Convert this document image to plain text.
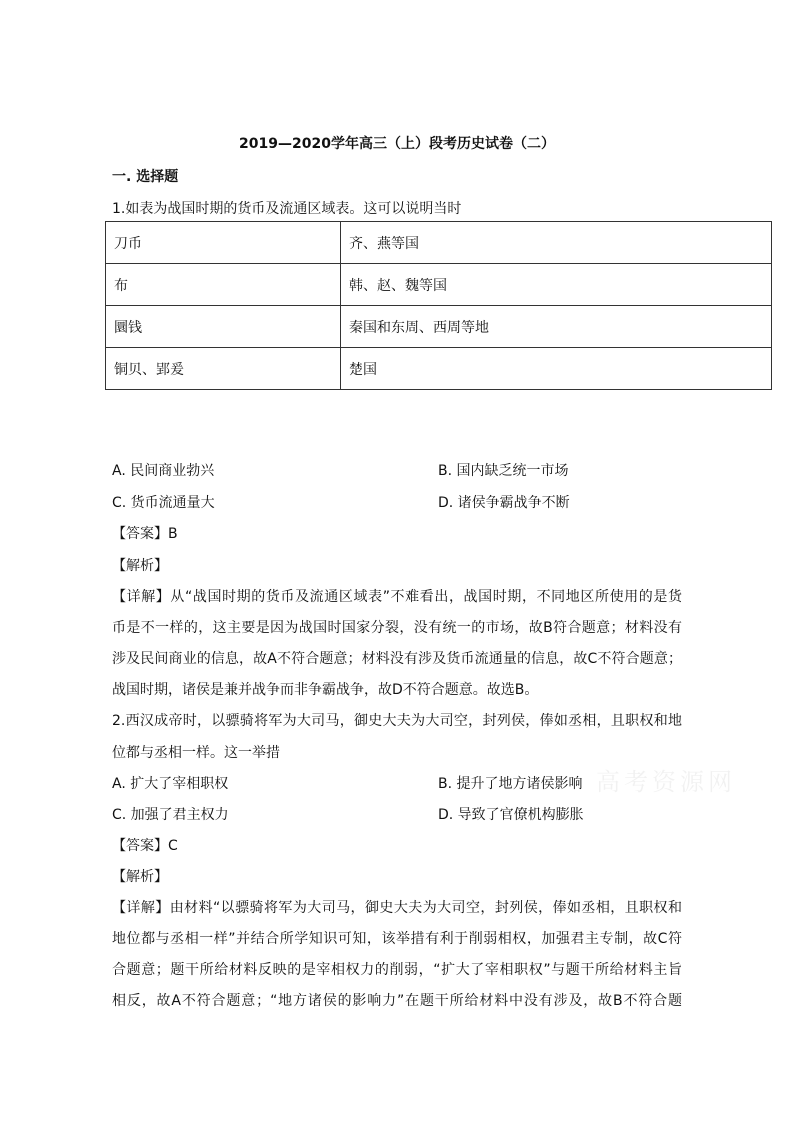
2019—2020学年高三（上）段考历史试卷（二）
一. 选择题
1.如表为战国时期的货币及流通区域表。这可以说明当时
刀币	齐、燕等国
布	韩、赵、魏等国
圜钱	秦国和东周、西周等地
铜贝、郢爰	楚国
A. 民间商业勃兴	B. 国内缺乏统一市场
C. 货币流通量大	D. 诸侯争霸战争不断
【答案】B
【解析】
【详解】从“战国时期的货币及流通区域表”不难看出，战国时期，不同地区所使用的是货
币是不一样的，这主要是因为战国时国家分裂，没有统一的市场，故B符合题意；材料没有
涉及民间商业的信息，故A不符合题意；材料没有涉及货币流通量的信息，故C不符合题意；
战国时期，诸侯是兼并战争而非争霸战争，故D不符合题意。故选B。
2.西汉成帝时，以骠骑将军为大司马，御史大夫为大司空，封列侯，俸如丞相，且职权和地
位都与丞相一样。这一举措
A. 扩大了宰相职权	B. 提升了地方诸侯影响
C. 加强了君主权力	D. 导致了官僚机构膨胀
【答案】C
【解析】
【详解】由材料“以骠骑将军为大司马，御史大夫为大司空，封列侯，俸如丞相，且职权和
地位都与丞相一样”并结合所学知识可知，该举措有利于削弱相权，加强君主专制，故C符
合题意；题干所给材料反映的是宰相权力的削弱，“扩大了宰相职权”与题干所给材料主旨
相反，故A不符合题意；“地方诸侯的影响力”在题干所给材料中没有涉及，故B不符合题
高考资源网
